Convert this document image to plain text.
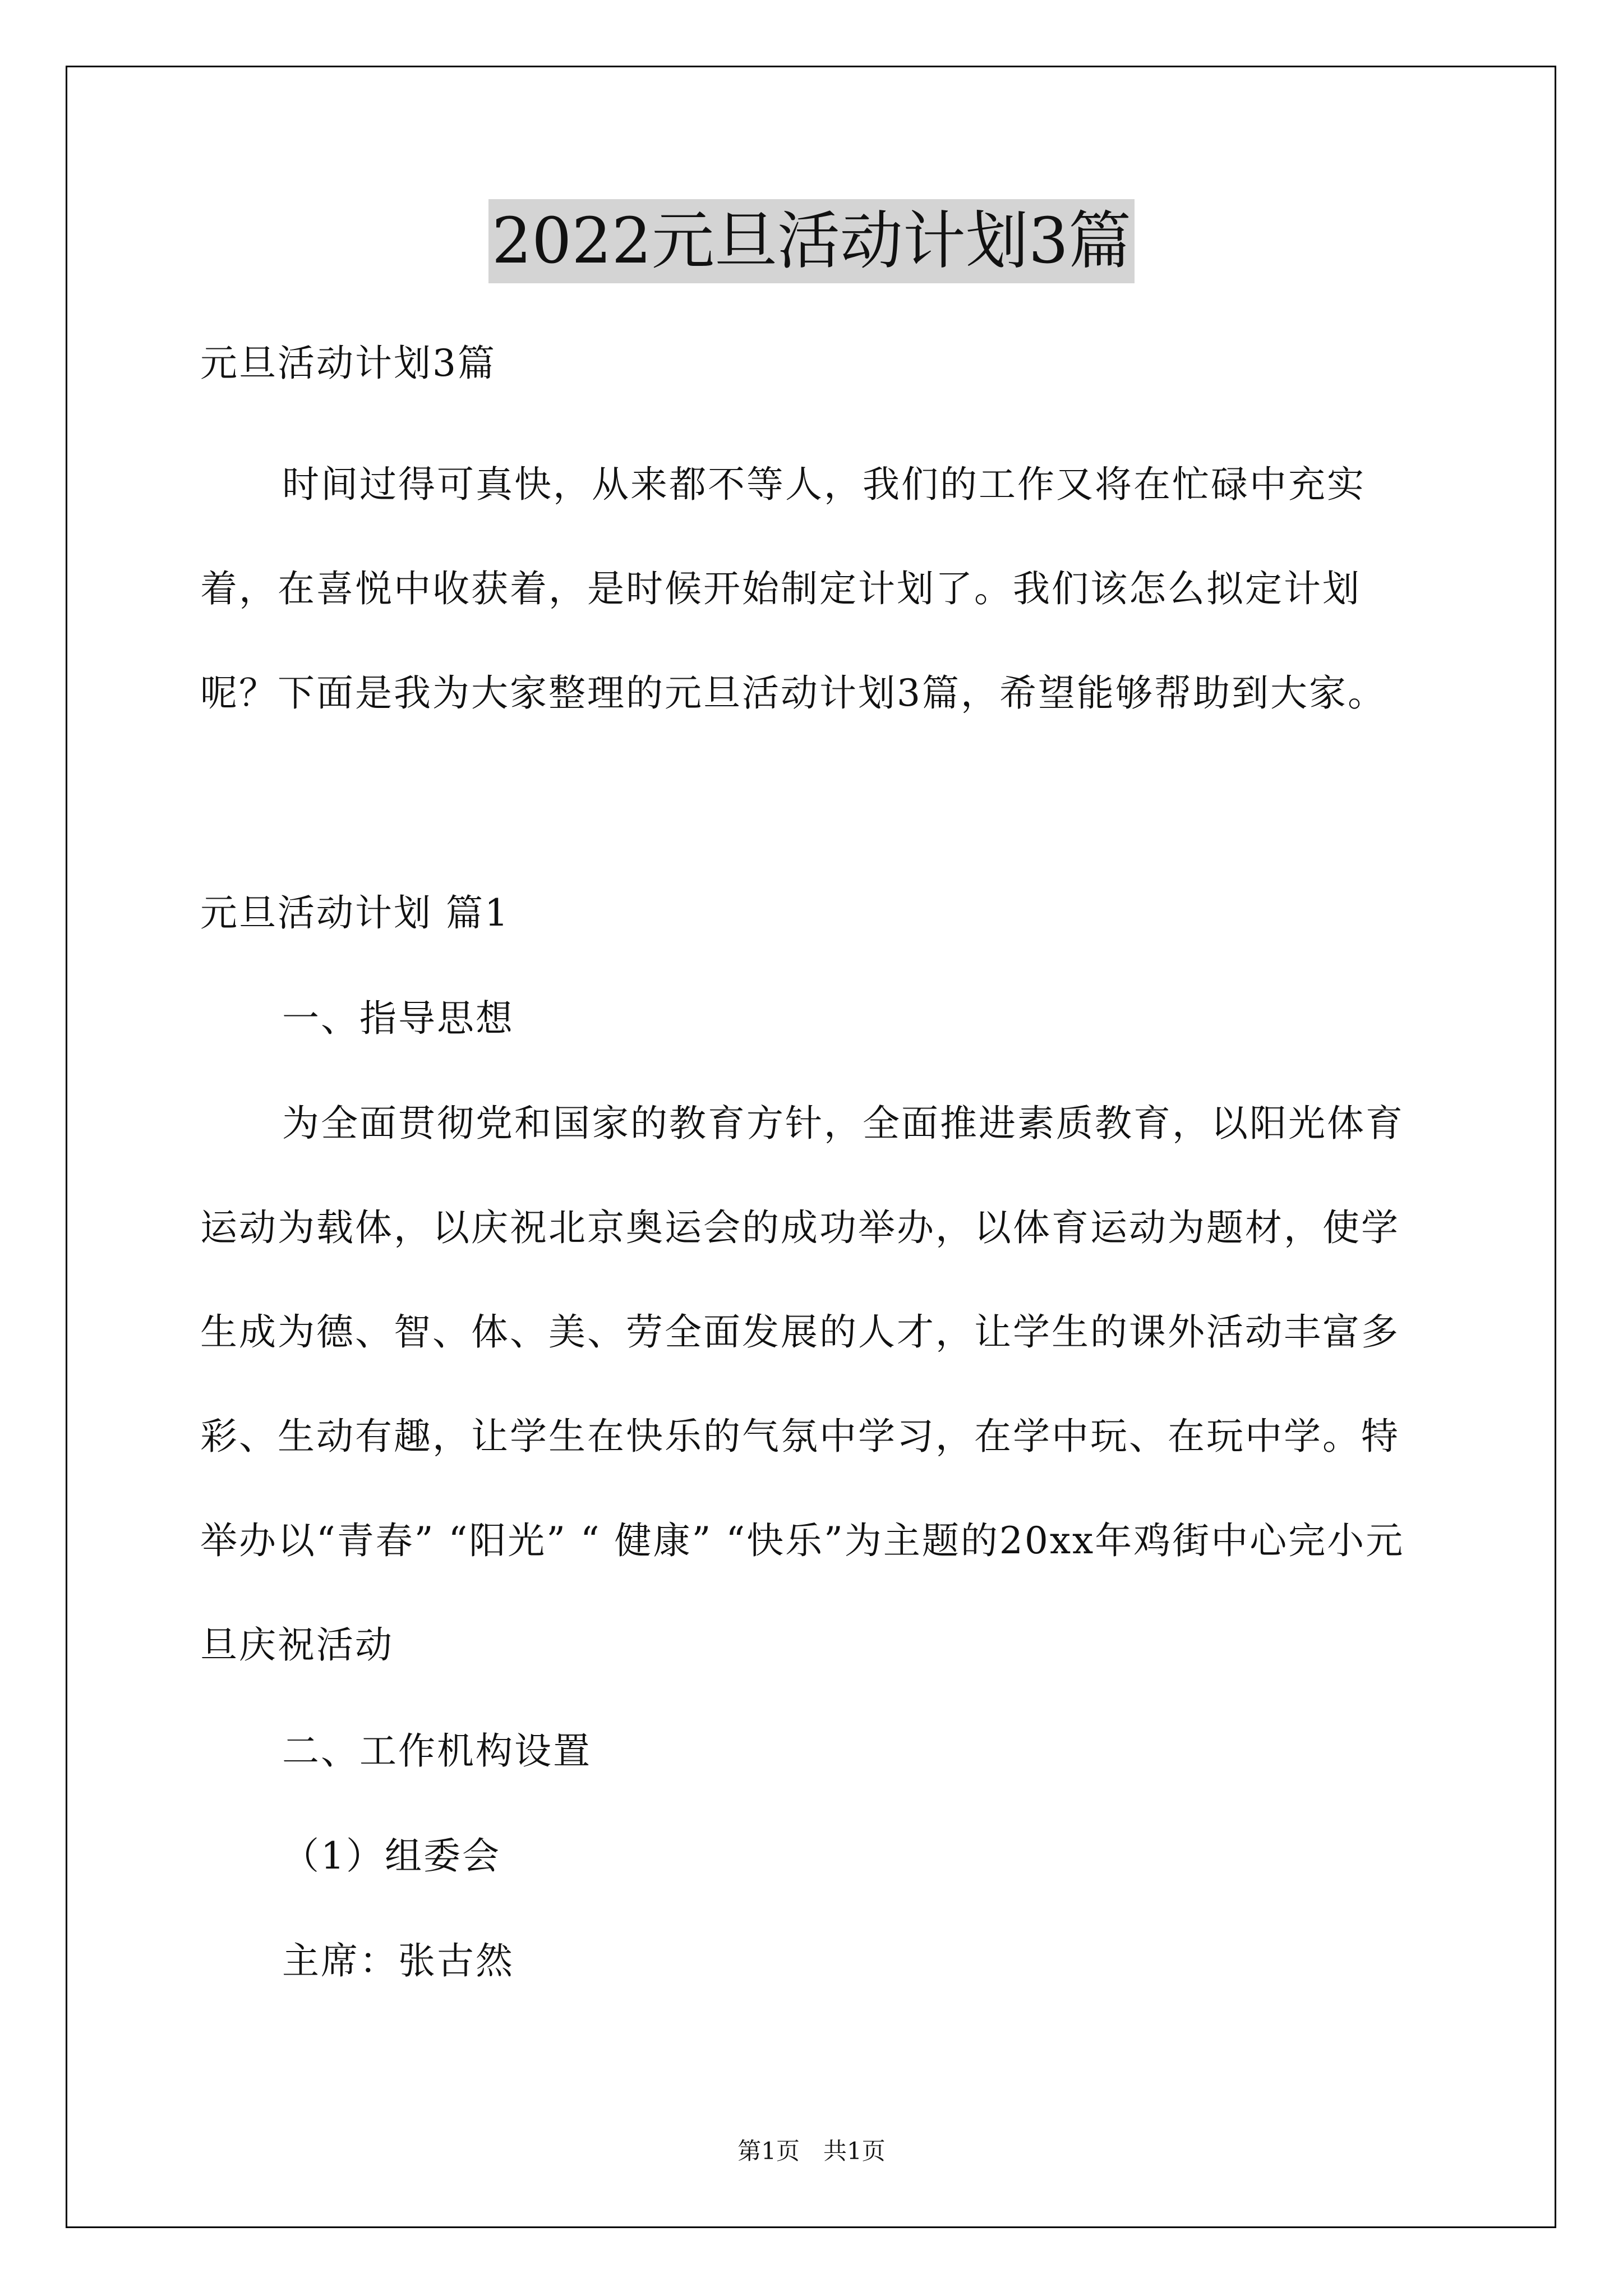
2022元旦活动计划3篇
元旦活动计划3篇
时间过得可真快，从来都不等人，我们的工作又将在忙碌中充实着，在喜悦中收获着，是时候开始制定计划了。我们该怎么拟定计划呢？下面是我为大家整理的元旦活动计划3篇，希望能够帮助到大家。
元旦活动计划 篇1
一、指导思想
为全面贯彻党和国家的教育方针，全面推进素质教育，以阳光体育运动为载体，以庆祝北京奥运会的成功举办，以体育运动为题材，使学生成为德、智、体、美、劳全面发展的人才，让学生的课外活动丰富多彩、生动有趣，让学生在快乐的气氛中学习，在学中玩、在玩中学。特举办以“青春” “阳光” “ 健康” “快乐”为主题的20xx年鸡街中心完小元旦庆祝活动
二、工作机构设置
（1）组委会
主席：张古然
第1页　共1页
